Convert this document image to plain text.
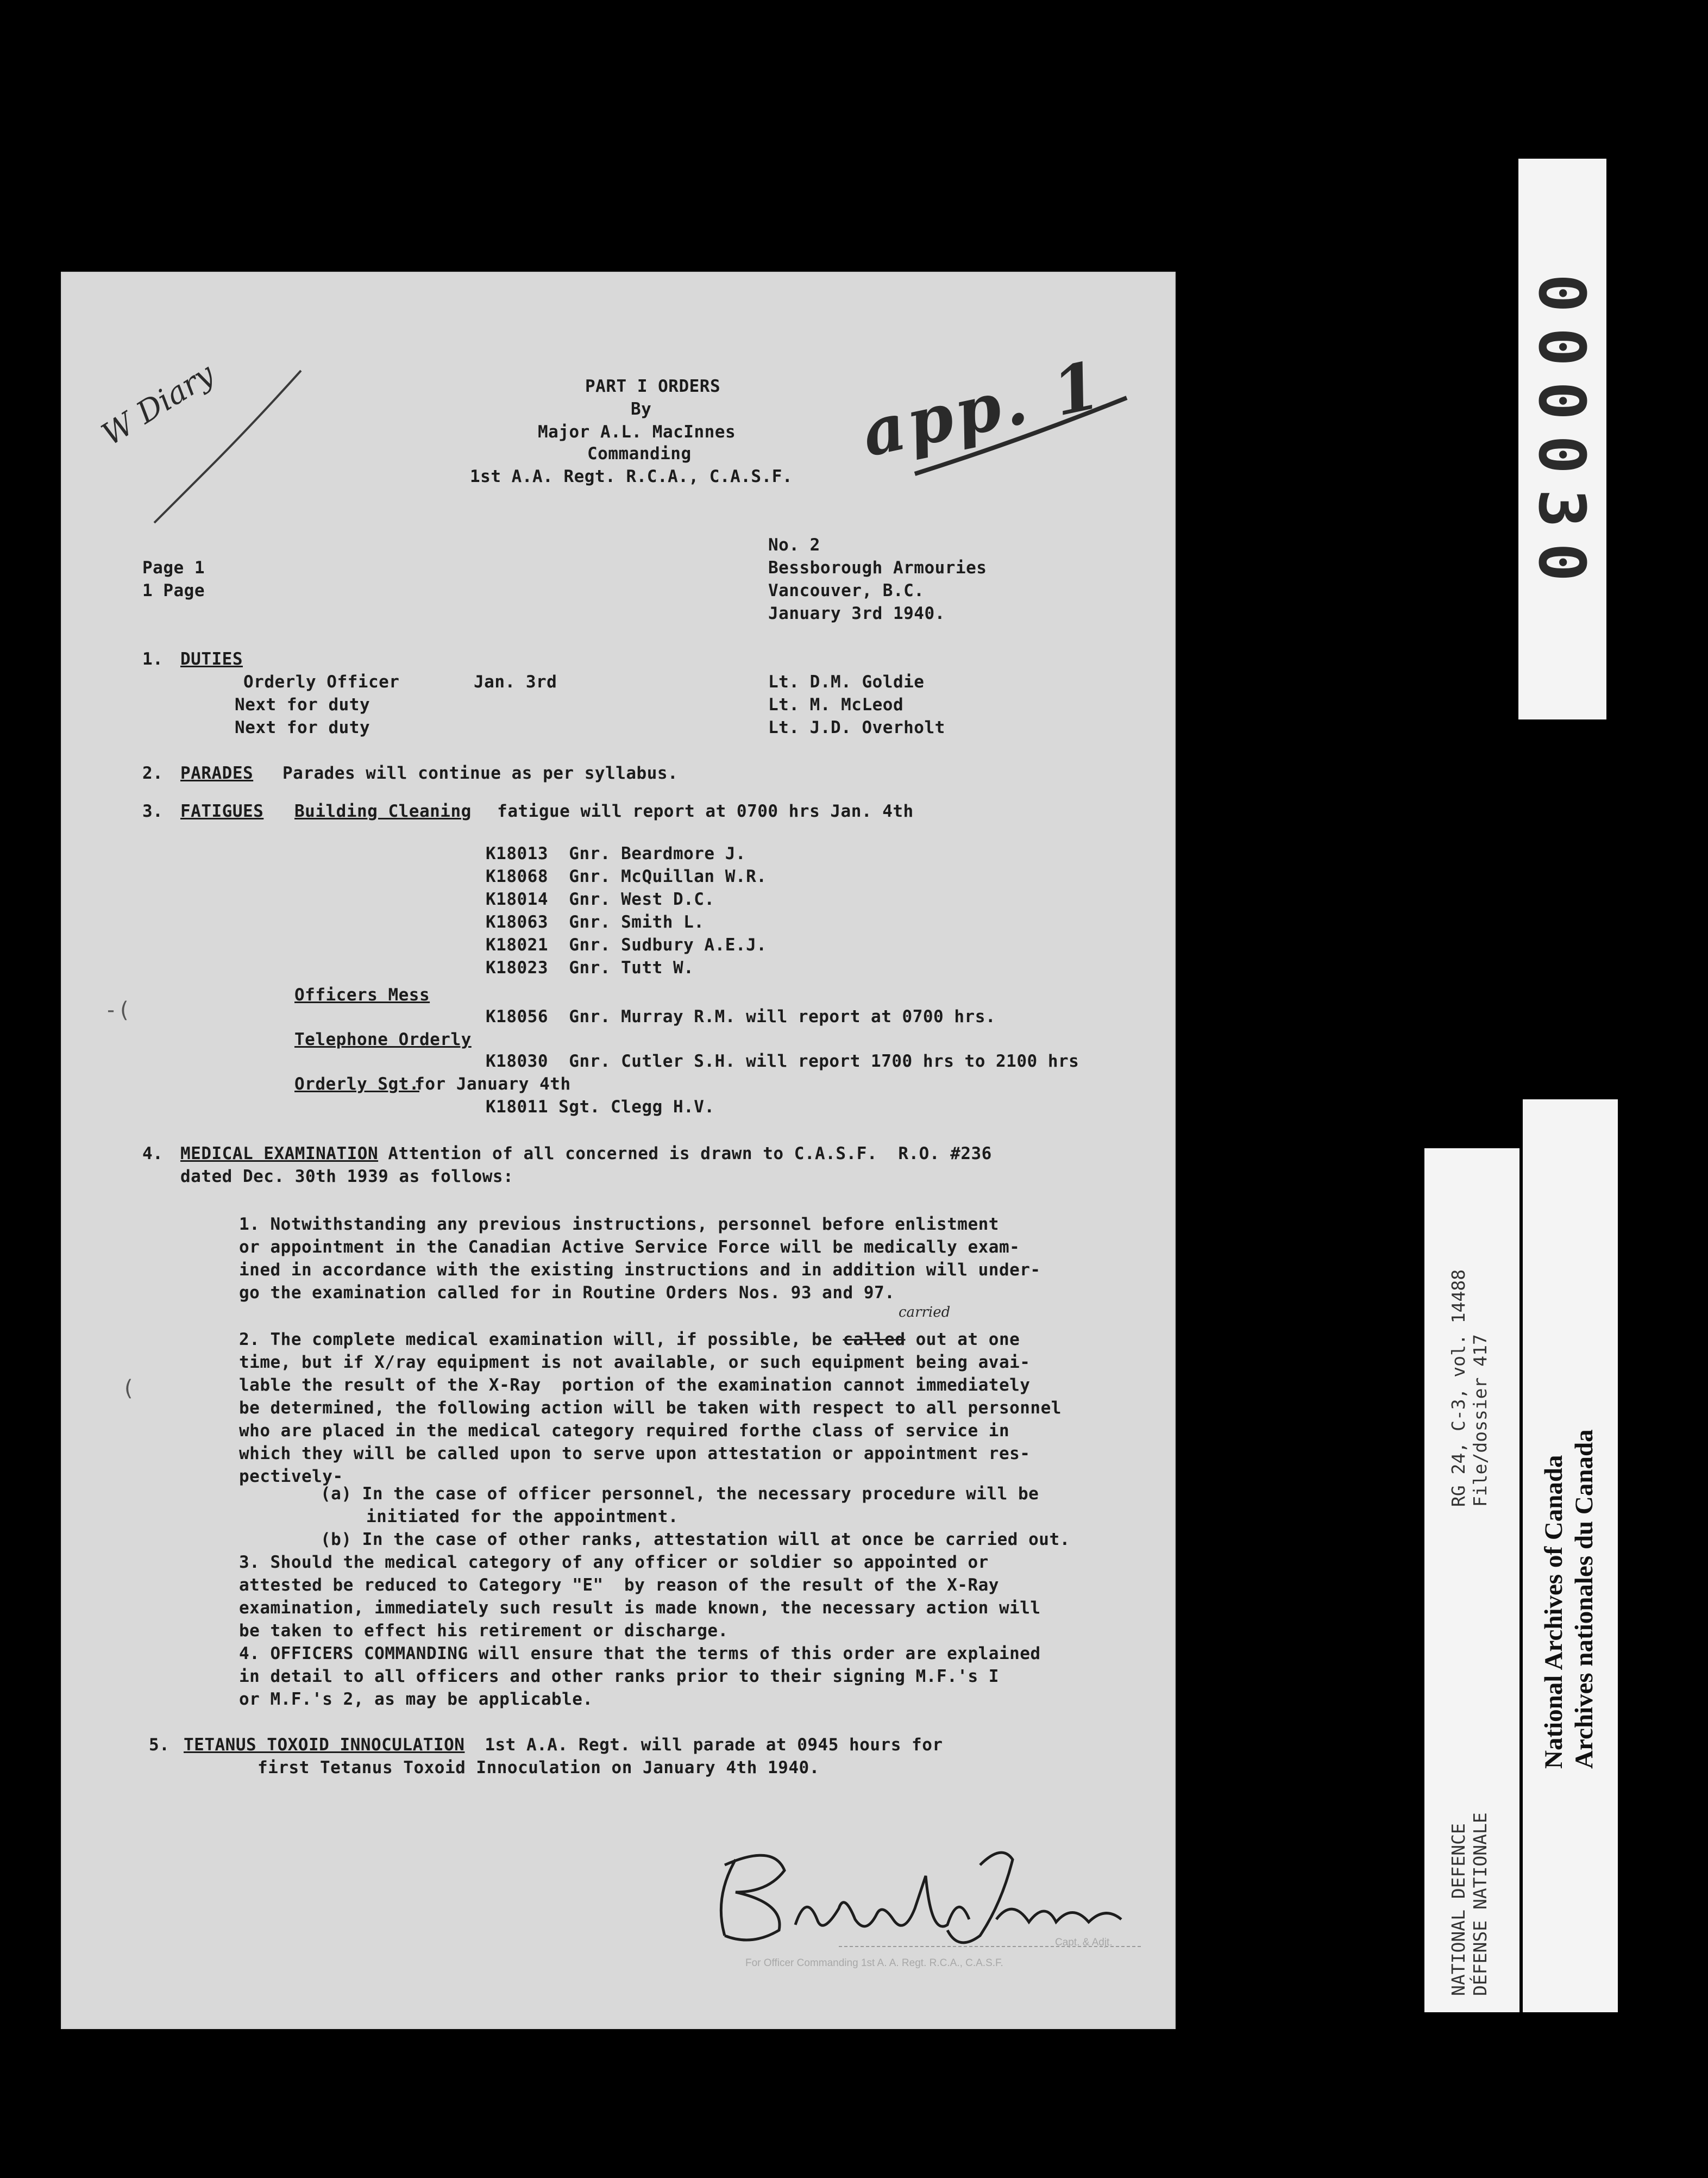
W Diary	app. 1
PART I ORDERS
By
Major A.L. MacInnes
Commanding
1st A.A. Regt. R.C.A., C.A.S.F.
Page 1
1 Page
No. 2
Bessborough Armouries
Vancouver, B.C.
January 3rd 1940.
1. DUTIES
Orderly Officer	Jan. 3rd	Lt. D.M. Goldie
Next for duty	Lt. M. McLeod
Next for duty	Lt. J.D. Overholt
2. PARADES Parades will continue as per syllabus.
3. FATIGUES Building Cleaning fatigue will report at 0700 hrs Jan. 4th
K18013  Gnr. Beardmore J.
K18068  Gnr. McQuillan W.R.
K18014  Gnr. West D.C.
K18063  Gnr. Smith L.
K18021  Gnr. Sudbury A.E.J.
K18023  Gnr. Tutt W.
Officers Mess
K18056  Gnr. Murray R.M. will report at 0700 hrs.
Telephone Orderly
K18030  Gnr. Cutler S.H. will report 1700 hrs to 2100 hrs
Orderly Sgt.
for January 4th
K18011 Sgt. Clegg H.V.
-(
(
4. MEDICAL EXAMINATION
Attention of all concerned is drawn to C.A.S.F.  R.O. #236
dated Dec. 30th 1939 as follows:
1. Notwithstanding any previous instructions, personnel before enlistment
or appointment in the Canadian Active Service Force will be medically exam-
ined in accordance with the existing instructions and in addition will under-
go the examination called for in Routine Orders Nos. 93 and 97.
carried
2. The complete medical examination will, if possible, be called out at one
time, but if X/ray equipment is not available, or such equipment being avai-
lable the result of the X-Ray  portion of the examination cannot immediately
be determined, the following action will be taken with respect to all personnel
who are placed in the medical category required forthe class of service in
which they will be called upon to serve upon attestation or appointment res-
pectively-
(a) In the case of officer personnel, the necessary procedure will be
initiated for the appointment.
(b) In the case of other ranks, attestation will at once be carried out.
3. Should the medical category of any officer or soldier so appointed or
attested be reduced to Category "E"  by reason of the result of the X-Ray
examination, immediately such result is made known, the necessary action will
be taken to effect his retirement or discharge.
4. OFFICERS COMMANDING will ensure that the terms of this order are explained
in detail to all officers and other ranks prior to their signing M.F.'s I
or M.F.'s 2, as may be applicable.
5. TETANUS TOXOID INNOCULATION
1st A.A. Regt. will parade at 0945 hours for
first Tetanus Toxoid Innoculation on January 4th 1940.
Capt. & Adjt.
For Officer Commanding 1st A. A. Regt. R.C.A., C.A.S.F.
000030
RG 24, C-3, vol. 14488 File/dossier 417
NATIONAL DEFENCE DÉFENSE NATIONALE
National Archives of Canada Archives nationales du Canada
